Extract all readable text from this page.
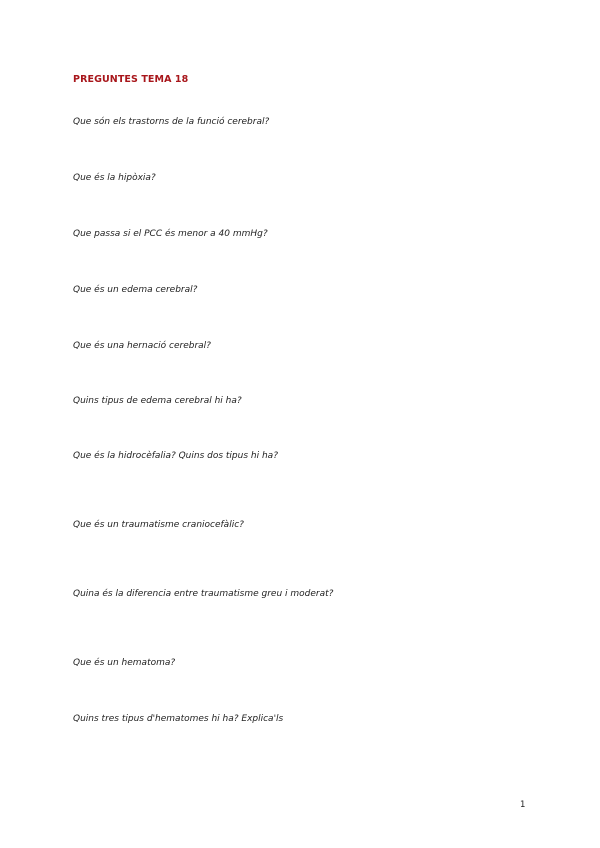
PREGUNTES TEMA 18
Que són els trastorns de la funció cerebral?
Que és la hipòxia?
Que passa si el PCC és menor a 40 mmHg?
Que és un edema cerebral?
Que és una hernació cerebral?
Quins tipus de edema cerebral hi ha?
Que és la hidrocèfalia? Quins dos tipus hi ha?
Que és un traumatisme craniocefàlic?
Quina és la diferencia entre traumatisme greu i moderat?
Que és un hematoma?
Quins tres tipus d'hematomes hi ha? Explica'ls
1
